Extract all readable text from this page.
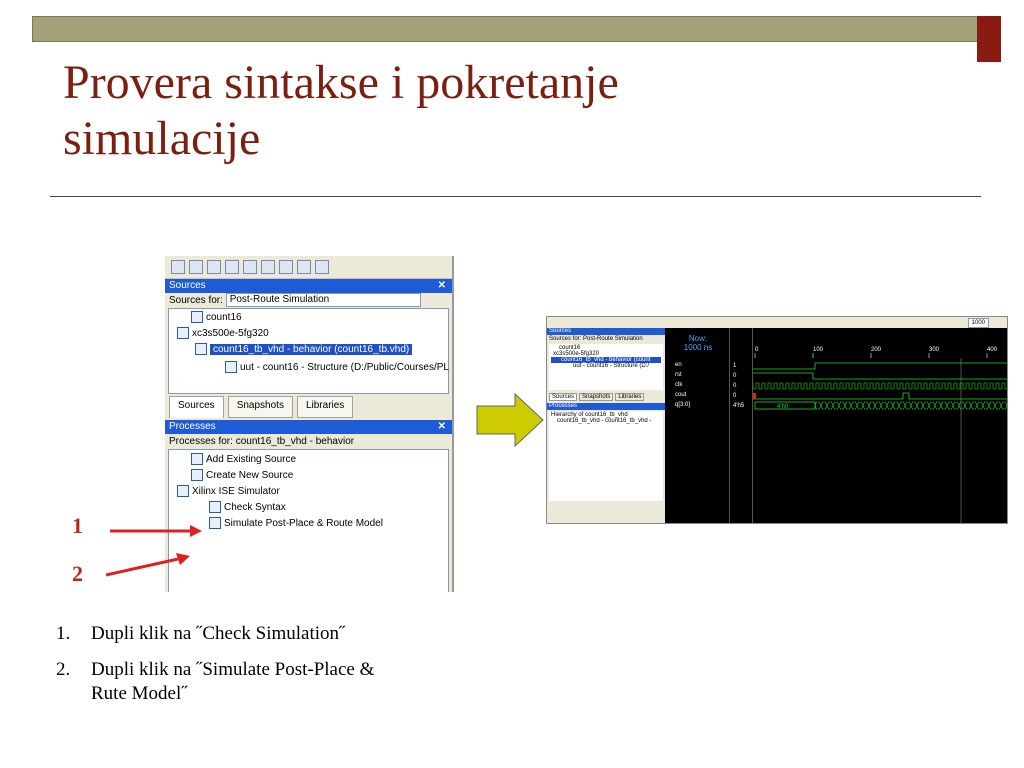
Provera sintakse i pokretanje
simulacije
Sources	✕
Sources for: Post-Route Simulation
count16
xc3s500e-5fg320
count16_tb_vhd - behavior (count16_tb.vhd)
uut - count16 - Structure (D:/Public/Courses/PL
Sources	Snapshots	Libraries
Processes	✕
Processes for: count16_tb_vhd - behavior
Add Existing Source
Create New Source
Xilinx ISE Simulator
Check Syntax
Simulate Post-Place & Route Model
1
2
1000
Sources
Sources for: Post-Route Simulation
count16
xc3s500e-5fg320
count16_tb_vhd - behavior (count
uut - count16 - Structure (D:/
Sources	Snapshots	Libraries
Processes
Hierarchy of count16_tb_vhd
count16_tb_vhd - count16_tb_vhd -
Now:
1000 ns
en
rst
clk
cout
q[3:0]
1
0
0
0
4'h5
0	100	200	300	400
4'h0
1.	Dupli klik na ˝Check Simulation˝
2.	Dupli klik na ˝Simulate Post-Place & Rute Model˝
